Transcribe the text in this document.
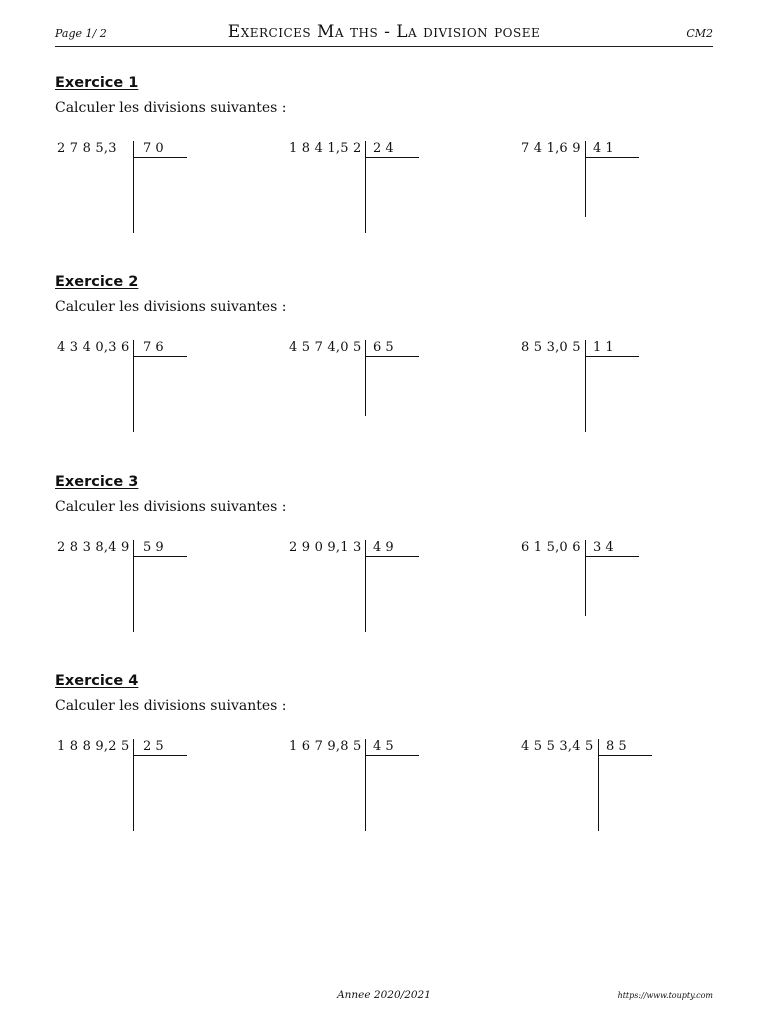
Page 1/ 2	Exercices Ma ths - La division posee	CM2
Exercice 1
Calculer les divisions suivantes :
2 7 8 5,3 7 0	1 8 4 1,5 2 2 4	7 4 1,6 9 4 1
Exercice 2
Calculer les divisions suivantes :
4 3 4 0,3 6 7 6	4 5 7 4,0 5 6 5	8 5 3,0 5 1 1
Exercice 3
Calculer les divisions suivantes :
2 8 3 8,4 9 5 9	2 9 0 9,1 3 4 9	6 1 5,0 6 3 4
Exercice 4
Calculer les divisions suivantes :
1 8 8 9,2 5 2 5	1 6 7 9,8 5 4 5	4 5 5 3,4 5 8 5
Annee 2020/2021	https://www.toupty.com
